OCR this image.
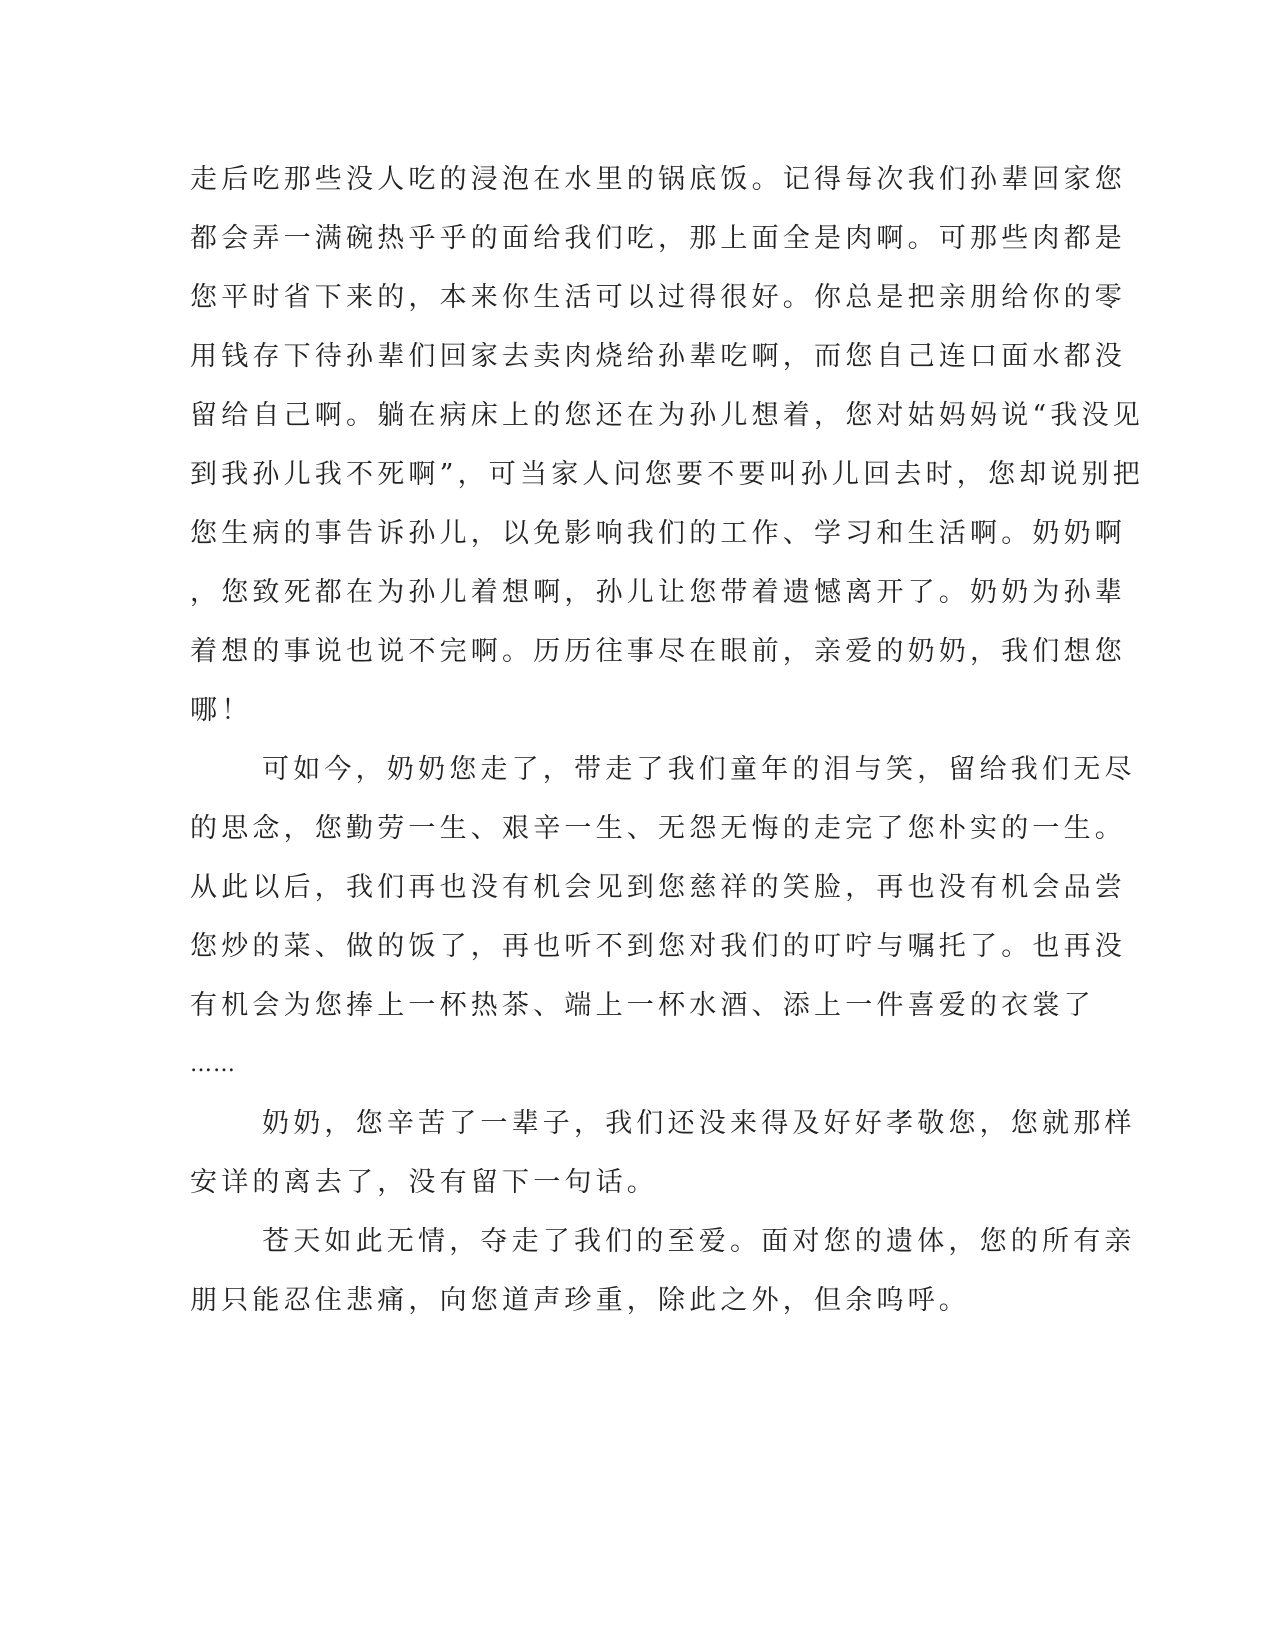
走后吃那些没人吃的浸泡在水里的锅底饭。记得每次我们孙辈回家您
都会弄一满碗热乎乎的面给我们吃，那上面全是肉啊。可那些肉都是
您平时省下来的，本来你生活可以过得很好。你总是把亲朋给你的零
用钱存下待孙辈们回家去卖肉烧给孙辈吃啊，而您自己连口面水都没
留给自己啊。躺在病床上的您还在为孙儿想着，您对姑妈妈说“我没见
到我孙儿我不死啊”，可当家人问您要不要叫孙儿回去时，您却说别把
您生病的事告诉孙儿，以免影响我们的工作、学习和生活啊。奶奶啊
，您致死都在为孙儿着想啊，孙儿让您带着遗憾离开了。奶奶为孙辈
着想的事说也说不完啊。历历往事尽在眼前，亲爱的奶奶，我们想您
哪！
可如今，奶奶您走了，带走了我们童年的泪与笑，留给我们无尽
的思念，您勤劳一生、艰辛一生、无怨无悔的走完了您朴实的一生。
从此以后，我们再也没有机会见到您慈祥的笑脸，再也没有机会品尝
您炒的菜、做的饭了，再也听不到您对我们的叮咛与嘱托了。也再没
有机会为您捧上一杯热茶、端上一杯水酒、添上一件喜爱的衣裳了
……
奶奶，您辛苦了一辈子，我们还没来得及好好孝敬您，您就那样
安详的离去了，没有留下一句话。
苍天如此无情，夺走了我们的至爱。面对您的遗体，您的所有亲
朋只能忍住悲痛，向您道声珍重，除此之外，但余呜呼。
